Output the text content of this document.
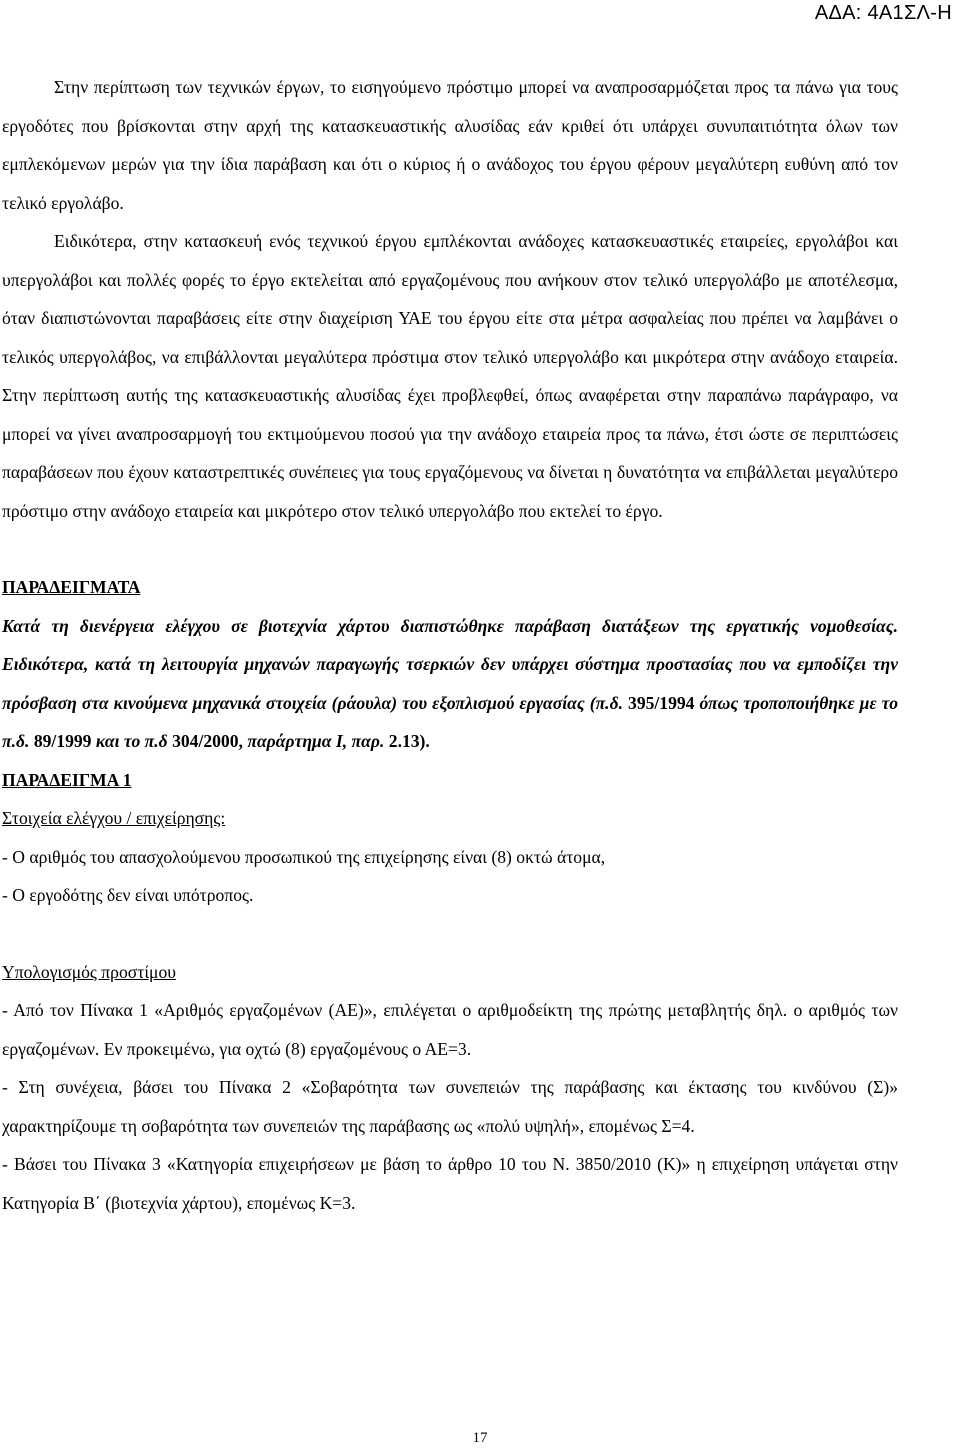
ΑΔΑ: 4Α1ΣΛ-Η

Στην περίπτωση των τεχνικών έργων, το εισηγούμενο πρόστιμο μπορεί να αναπροσαρμόζεται προς τα πάνω για τους εργοδότες που βρίσκονται στην αρχή της κατασκευαστικής αλυσίδας εάν κριθεί ότι υπάρχει συνυπαιτιότητα όλων των εμπλεκόμενων μερών για την ίδια παράβαση και ότι ο κύριος ή ο ανάδοχος του έργου φέρουν μεγαλύτερη ευθύνη από τον τελικό εργολάβο.

Ειδικότερα, στην κατασκευή ενός τεχνικού έργου εμπλέκονται ανάδοχες κατασκευαστικές εταιρείες, εργολάβοι και υπεργολάβοι και πολλές φορές το έργο εκτελείται από εργαζομένους που ανήκουν στον τελικό υπεργολάβο με αποτέλεσμα, όταν διαπιστώνονται παραβάσεις είτε στην διαχείριση ΥΑΕ του έργου είτε στα μέτρα ασφαλείας που πρέπει να λαμβάνει ο τελικός υπεργολάβος, να επιβάλλονται μεγαλύτερα πρόστιμα στον τελικό υπεργολάβο και μικρότερα στην ανάδοχο εταιρεία. Στην περίπτωση αυτής της κατασκευαστικής αλυσίδας έχει προβλεφθεί, όπως αναφέρεται στην παραπάνω παράγραφο, να μπορεί να γίνει αναπροσαρμογή του εκτιμούμενου ποσού για την ανάδοχο εταιρεία προς τα πάνω, έτσι ώστε σε περιπτώσεις παραβάσεων που έχουν καταστρεπτικές συνέπειες για τους εργαζόμενους να δίνεται η δυνατότητα να επιβάλλεται μεγαλύτερο πρόστιμο στην ανάδοχο εταιρεία και μικρότερο στον τελικό υπεργολάβο που εκτελεί το έργο.

ΠΑΡΑΔΕΙΓΜΑΤΑ

Κατά τη διενέργεια ελέγχου σε βιοτεχνία χάρτου διαπιστώθηκε παράβαση διατάξεων της εργατικής νομοθεσίας. Ειδικότερα, κατά τη λειτουργία μηχανών παραγωγής τσερκιών δεν υπάρχει σύστημα προστασίας που να εμποδίζει την πρόσβαση στα κινούμενα μηχανικά στοιχεία (ράουλα) του εξοπλισμού εργασίας (π.δ. 395/1994 όπως τροποποιήθηκε με το π.δ. 89/1999 και το π.δ 304/2000, παράρτημα Ι, παρ. 2.13).

ΠΑΡΑΔΕΙΓΜΑ 1

Στοιχεία ελέγχου / επιχείρησης:

- Ο αριθμός του απασχολούμενου προσωπικού της επιχείρησης είναι (8) οκτώ άτομα,

- Ο εργοδότης δεν είναι υπότροπος.

Υπολογισμός προστίμου

- Από τον Πίνακα 1 «Αριθμός εργαζομένων (ΑΕ)», επιλέγεται ο αριθμοδείκτη της πρώτης μεταβλητής δηλ. ο αριθμός των εργαζομένων. Εν προκειμένω, για οχτώ (8) εργαζομένους ο ΑΕ=3.

- Στη συνέχεια, βάσει του Πίνακα 2 «Σοβαρότητα των συνεπειών της παράβασης και έκτασης του κινδύνου (Σ)» χαρακτηρίζουμε τη σοβαρότητα των συνεπειών της παράβασης ως «πολύ υψηλή», επομένως Σ=4.

- Βάσει του Πίνακα 3 «Κατηγορία επιχειρήσεων με βάση το άρθρο 10 του Ν. 3850/2010 (Κ)» η επιχείρηση υπάγεται στην Κατηγορία Β΄ (βιοτεχνία χάρτου), επομένως Κ=3.

17
